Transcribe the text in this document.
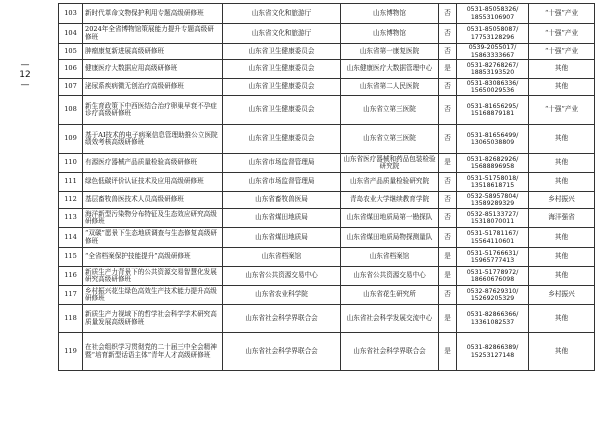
—
12
—
103	新时代革命文物保护利用专题高级研修班	山东省文化和旅游厅	山东博物馆	否	0531-85058326/ 18553106907	“十强”产业
104	2024年全省博物馆策展能力提升专题高级研修班	山东省文化和旅游厅	山东博物馆	否	0531-85058087/ 17753128296	“十强”产业
105	肿瘤康复新进展高级研修班	山东省卫生健康委员会	山东省第一康复医院	否	0539-2055017/ 15863333667	“十强”产业
106	健康医疗大数据应用高级研修班	山东省卫生健康委员会	山东健康医疗大数据管理中心	是	0531-82768267/ 18853193520	其他
107	泌尿系疾病微无创治疗高级研修班	山东省卫生健康委员会	山东省第二人民医院	否	0531-83086336/ 15650029536	其他
108	新生育政策下中西医结合治疗卵巢早衰不孕症诊疗高级研修班	山东省卫生健康委员会	山东省立第三医院	否	0531-81656295/ 15168879181	“十强”产业
109	基于AI技术的电子病案信息管理助推公立医院绩效考核高级研修班	山东省卫生健康委员会	山东省立第三医院	否	0531-81656499/ 13065038809	其他
110	有源医疗器械产品质量检验高级研修班	山东省市场监督管理局	山东省医疗器械和药品包装检验研究院	是	0531-82682926/ 15688896958	其他
111	绿色低碳评价认证技术及应用高级研修班	山东省市场监督管理局	山东省产品质量检验研究院	否	0531-51758018/ 13518618715	其他
112	基层畜牧兽医技术人员高级研修班	山东省畜牧兽医局	青岛农业大学继续教育学院	否	0532-58957804/ 13589289329	乡村振兴
113	海洋新型污染物分布特征及生态效应研究高级研修班	山东省煤田地质局	山东省煤田地质局第一勘探队	否	0532-85133727/ 15318070011	海洋强省
114	“双碳”愿景下生态地质调查与生态修复高级研修班	山东省煤田地质局	山东省煤田地质局物探测量队	否	0531-51781167/ 15564110601	其他
115	“全省档案保护技能提升”高级研修班	山东省档案馆	山东省档案馆	是	0531-51766631/ 15965777413	其他
116	新质生产力背景下的公共资源交易智慧化发展研究高级研修班	山东省公共资源交易中心	山东省公共资源交易中心	是	0531-51778972/ 18660676098	其他
117	乡村振兴花生绿色高效生产技术能力提升高级研修班	山东省农业科学院	山东省花生研究所	否	0532-87629310/ 15269205329	乡村振兴
118	新质生产力视域下的哲学社会科学学术研究高质量发展高级研修班	山东省社会科学界联合会	山东省社会科学发展交流中心	是	0531-82866366/ 13361082537	其他
119	在社会组织学习贯彻党的二十届三中全会精神暨“培育新型话语主体”青年人才高级研修班	山东省社会科学界联合会	山东省社会科学界联合会	是	0531-82866389/ 15253127148	其他
